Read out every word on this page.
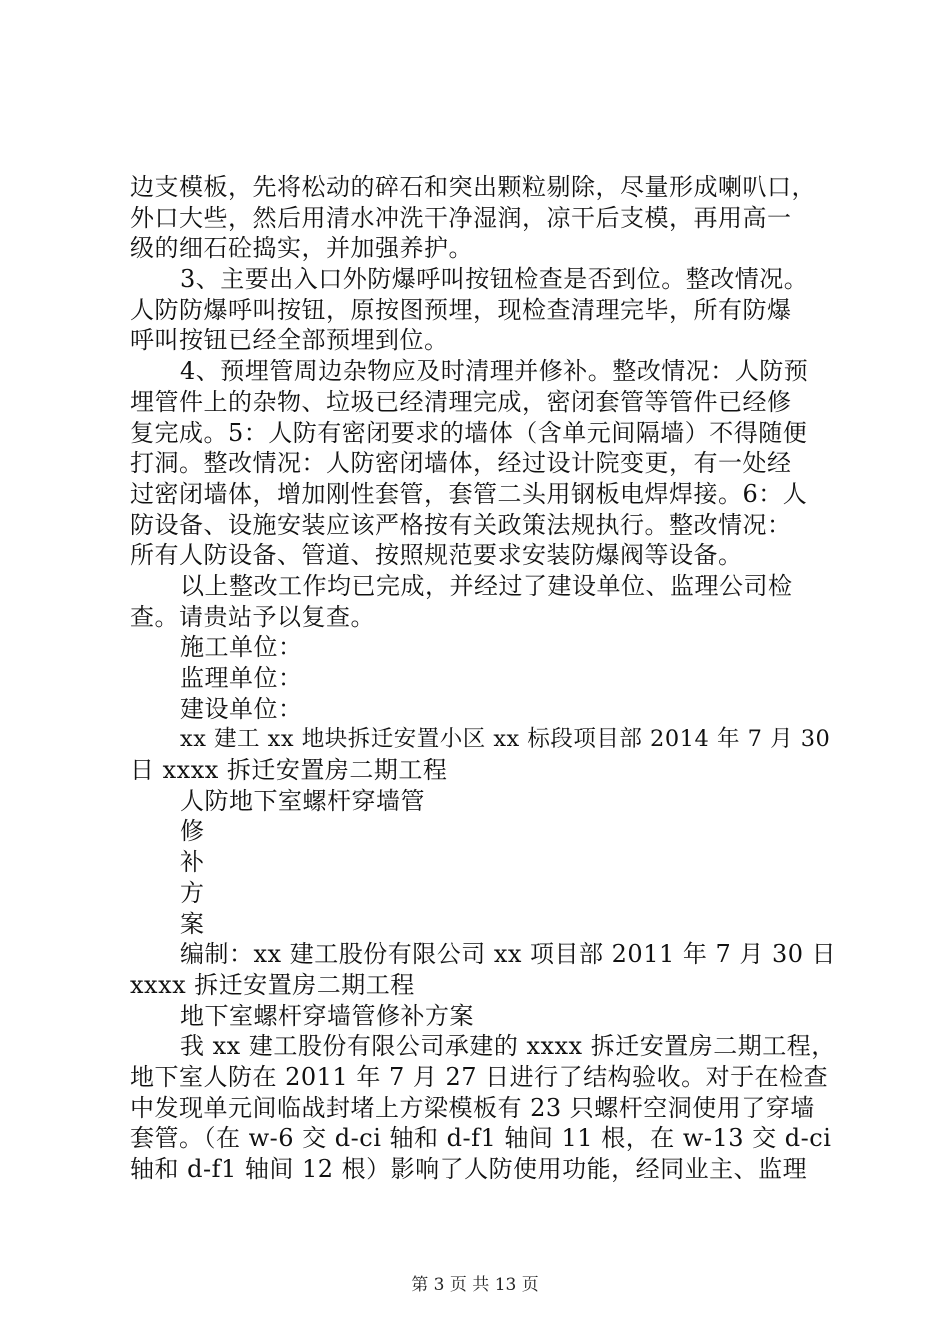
边支模板，先将松动的碎石和突出颗粒剔除，尽量形成喇叭口，
外口大些，然后用清水冲洗干净湿润，凉干后支模，再用高一
级的细石砼捣实，并加强养护。
3、主要出入口外防爆呼叫按钮检查是否到位。整改情况。
人防防爆呼叫按钮，原按图预埋，现检查清理完毕，所有防爆
呼叫按钮已经全部预埋到位。
4、预埋管周边杂物应及时清理并修补。整改情况：人防预
埋管件上的杂物、垃圾已经清理完成，密闭套管等管件已经修
复完成。5：人防有密闭要求的墙体（含单元间隔墙）不得随便
打洞。整改情况：人防密闭墙体，经过设计院变更，有一处经
过密闭墙体，增加刚性套管，套管二头用钢板电焊焊接。6：人
防设备、设施安装应该严格按有关政策法规执行。整改情况：
所有人防设备、管道、按照规范要求安装防爆阀等设备。
以上整改工作均已完成，并经过了建设单位、监理公司检
查。请贵站予以复查。
施工单位：
监理单位：
建设单位：
xx 建工 xx 地块拆迁安置小区 xx 标段项目部 2014 年 7 月 30
日 xxxx 拆迁安置房二期工程
人防地下室螺杆穿墙管
修
补
方
案
编制：xx 建工股份有限公司 xx 项目部 2011 年 7 月 30 日
xxxx 拆迁安置房二期工程
地下室螺杆穿墙管修补方案
我 xx 建工股份有限公司承建的 xxxx 拆迁安置房二期工程，
地下室人防在 2011 年 7 月 27 日进行了结构验收。对于在检查
中发现单元间临战封堵上方梁模板有 23 只螺杆空洞使用了穿墙
套管。（在 w-6 交 d-ci 轴和 d-f1 轴间 11 根，在 w-13 交 d-ci
轴和 d-f1 轴间 12 根）影响了人防使用功能，经同业主、监理
第 3 页 共 13 页
